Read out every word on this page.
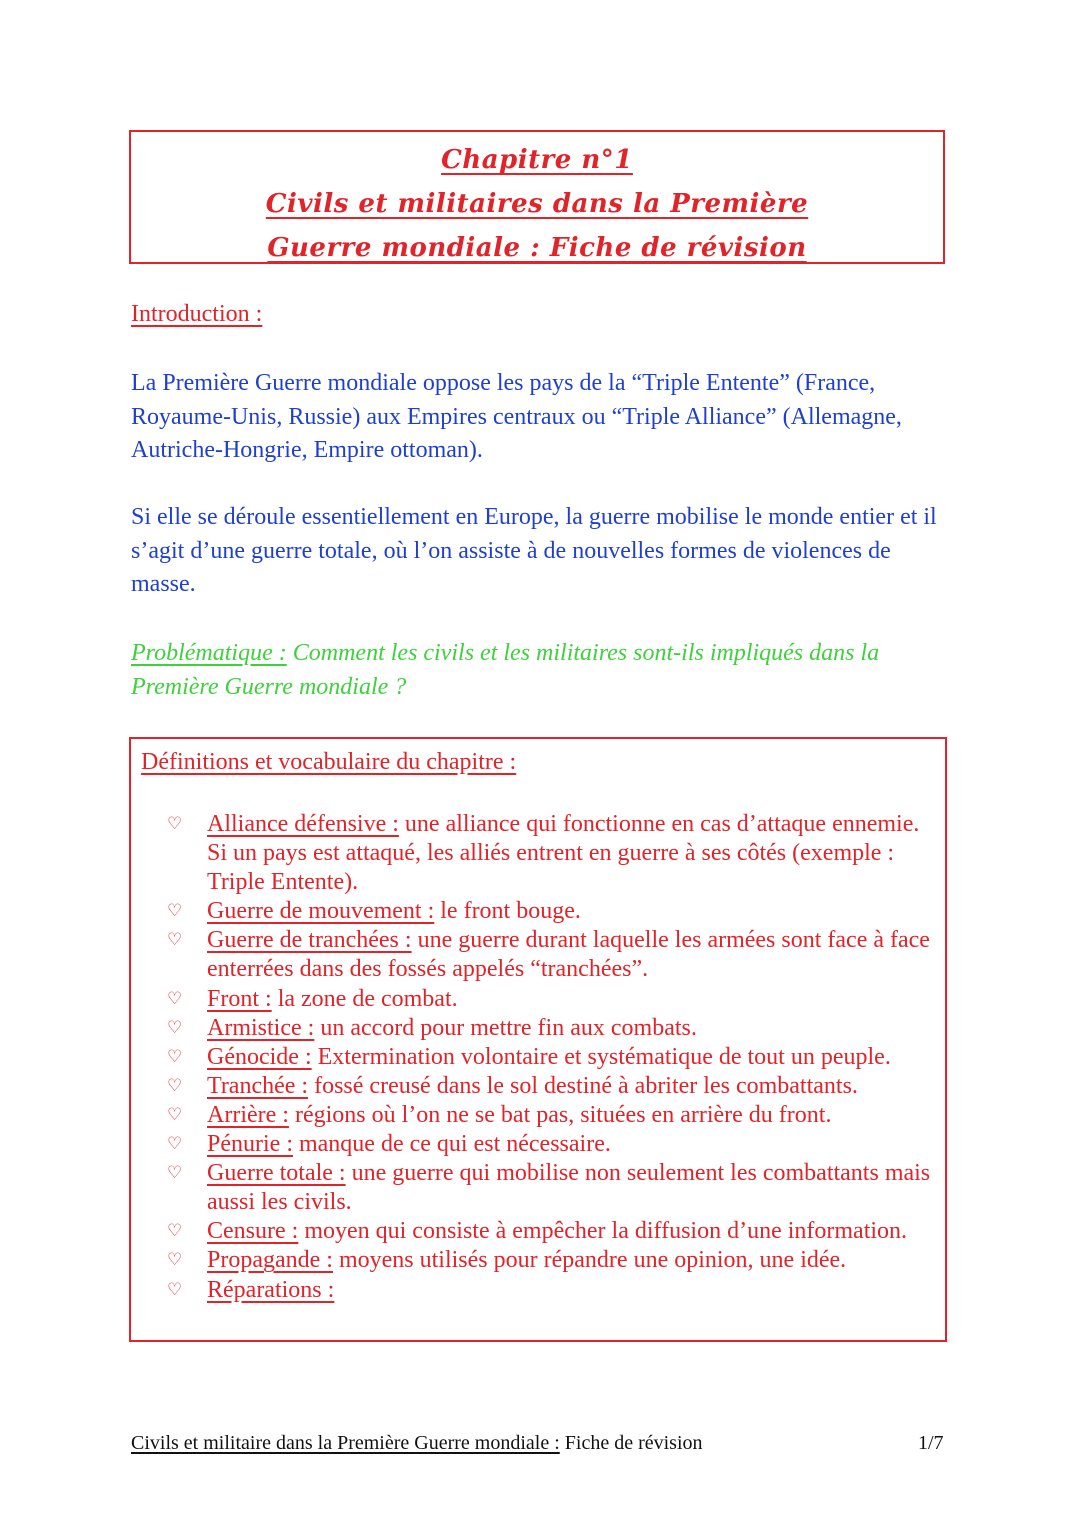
Chapitre n°1
Civils et militaires dans la Première
Guerre mondiale : Fiche de révision
Introduction :

La Première Guerre mondiale oppose les pays de la “Triple Entente” (France, Royaume-Unis, Russie) aux Empires centraux ou “Triple Alliance” (Allemagne, Autriche-Hongrie, Empire ottoman).

Si elle se déroule essentiellement en Europe, la guerre mobilise le monde entier et il s’agit d’une guerre totale, où l’on assiste à de nouvelles formes de violences de masse.

Problématique : Comment les civils et les militaires sont-ils impliqués dans la Première Guerre mondiale ?

Définitions et vocabulaire du chapitre :
♡	Alliance défensive : une alliance qui fonctionne en cas d’attaque ennemie. Si un pays est attaqué, les alliés entrent en guerre à ses côtés (exemple : Triple Entente).
♡	Guerre de mouvement : le front bouge.
♡	Guerre de tranchées : une guerre durant laquelle les armées sont face à face enterrées dans des fossés appelés “tranchées”.
♡	Front : la zone de combat.
♡	Armistice : un accord pour mettre fin aux combats.
♡	Génocide : Extermination volontaire et systématique de tout un peuple.
♡	Tranchée : fossé creusé dans le sol destiné à abriter les combattants.
♡	Arrière : régions où l’on ne se bat pas, situées en arrière du front.
♡	Pénurie : manque de ce qui est nécessaire.
♡	Guerre totale : une guerre qui mobilise non seulement les combattants mais aussi les civils.
♡	Censure : moyen qui consiste à empêcher la diffusion d’une information.
♡	Propagande : moyens utilisés pour répandre une opinion, une idée.
♡	Réparations :
Civils et militaire dans la Première Guerre mondiale : Fiche de révision	1/7
